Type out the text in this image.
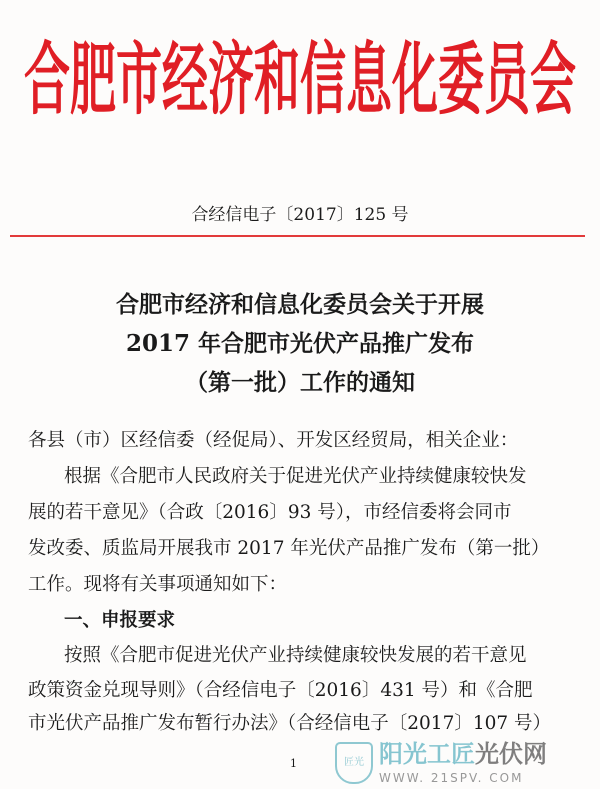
合肥市经济和信息化委员会
合经信电子〔2017〕125 号
合肥市经济和信息化委员会关于开展
2017 年合肥市光伏产品推广发布
（第一批）工作的通知
各县（市）区经信委（经促局）、开发区经贸局，相关企业：
根据《合肥市人民政府关于促进光伏产业持续健康较快发
展的若干意见》（合政〔2016〕93 号），市经信委将会同市
发改委、质监局开展我市 2017 年光伏产品推广发布（第一批）
工作。现将有关事项通知如下：
一、申报要求
按照《合肥市促进光伏产业持续健康较快发展的若干意见
政策资金兑现导则》（合经信电子〔2016〕431 号）和《合肥
市光伏产品推广发布暂行办法》（合经信电子〔2017〕107 号）
1	匠光 阳光工匠光伏网
WWW. 21SPV. COM
